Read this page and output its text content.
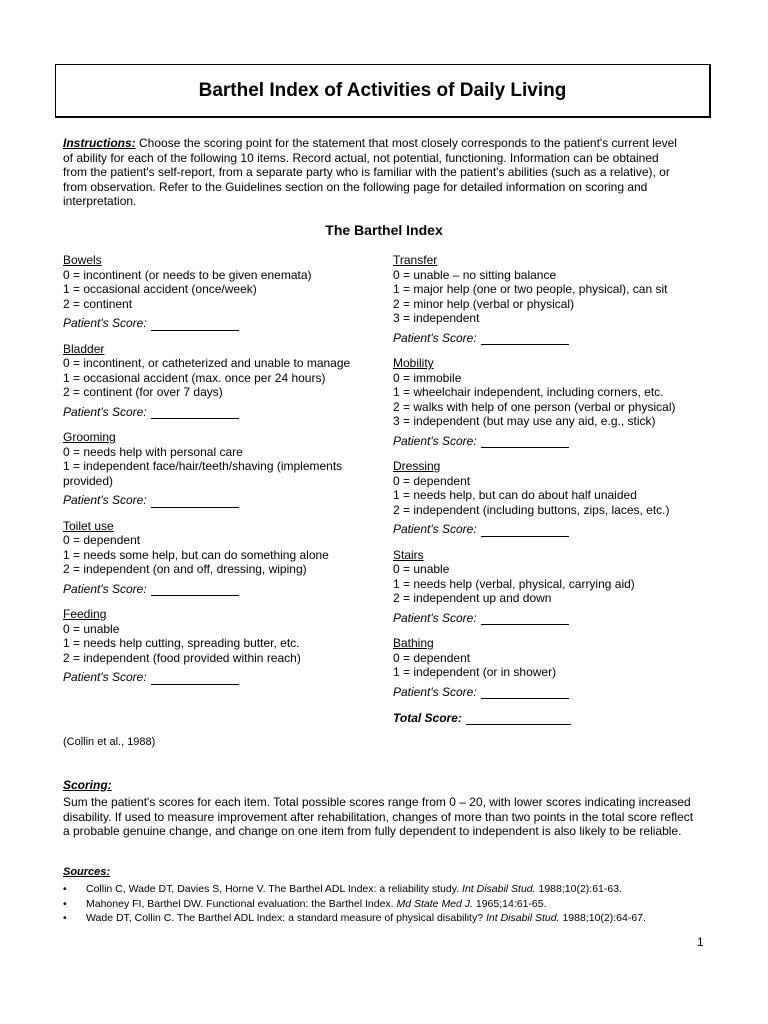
Barthel Index of Activities of Daily Living
Instructions: Choose the scoring point for the statement that most closely corresponds to the patient's current level of ability for each of the following 10 items. Record actual, not potential, functioning. Information can be obtained from the patient's self-report, from a separate party who is familiar with the patient's abilities (such as a relative), or from observation. Refer to the Guidelines section on the following page for detailed information on scoring and interpretation.
The Barthel Index
Bowels
0 = incontinent (or needs to be given enemata)
1 = occasional accident (once/week)
2 = continent
Patient's Score:
Bladder
0 = incontinent, or catheterized and unable to manage
1 = occasional accident (max. once per 24 hours)
2 = continent (for over 7 days)
Patient's Score:
Grooming
0 = needs help with personal care
1 = independent face/hair/teeth/shaving (implements provided)
Patient's Score:
Toilet use
0 = dependent
1 = needs some help, but can do something alone
2 = independent (on and off, dressing, wiping)
Patient's Score:
Feeding
0 = unable
1 = needs help cutting, spreading butter, etc.
2 = independent (food provided within reach)
Patient's Score:
Transfer
0 = unable – no sitting balance
1 = major help (one or two people, physical), can sit
2 = minor help (verbal or physical)
3 = independent
Patient's Score:
Mobility
0 = immobile
1 = wheelchair independent, including corners, etc.
2 = walks with help of one person (verbal or physical)
3 = independent (but may use any aid, e.g., stick)
Patient's Score:
Dressing
0 = dependent
1 = needs help, but can do about half unaided
2 = independent (including buttons, zips, laces, etc.)
Patient's Score:
Stairs
0 = unable
1 = needs help (verbal, physical, carrying aid)
2 = independent up and down
Patient's Score:
Bathing
0 = dependent
1 = independent (or in shower)
Patient's Score:
Total Score:
(Collin et al., 1988)
Scoring:
Sum the patient's scores for each item. Total possible scores range from 0 – 20, with lower scores indicating increased disability. If used to measure improvement after rehabilitation, changes of more than two points in the total score reflect a probable genuine change, and change on one item from fully dependent to independent is also likely to be reliable.
Sources:
• Collin C, Wade DT, Davies S, Horne V. The Barthel ADL Index: a reliability study. Int Disabil Stud. 1988;10(2):61-63.
• Mahoney FI, Barthel DW. Functional evaluation: the Barthel Index. Md State Med J. 1965;14:61-65.
• Wade DT, Collin C. The Barthel ADL Index: a standard measure of physical disability? Int Disabil Stud. 1988;10(2):64-67.
1
